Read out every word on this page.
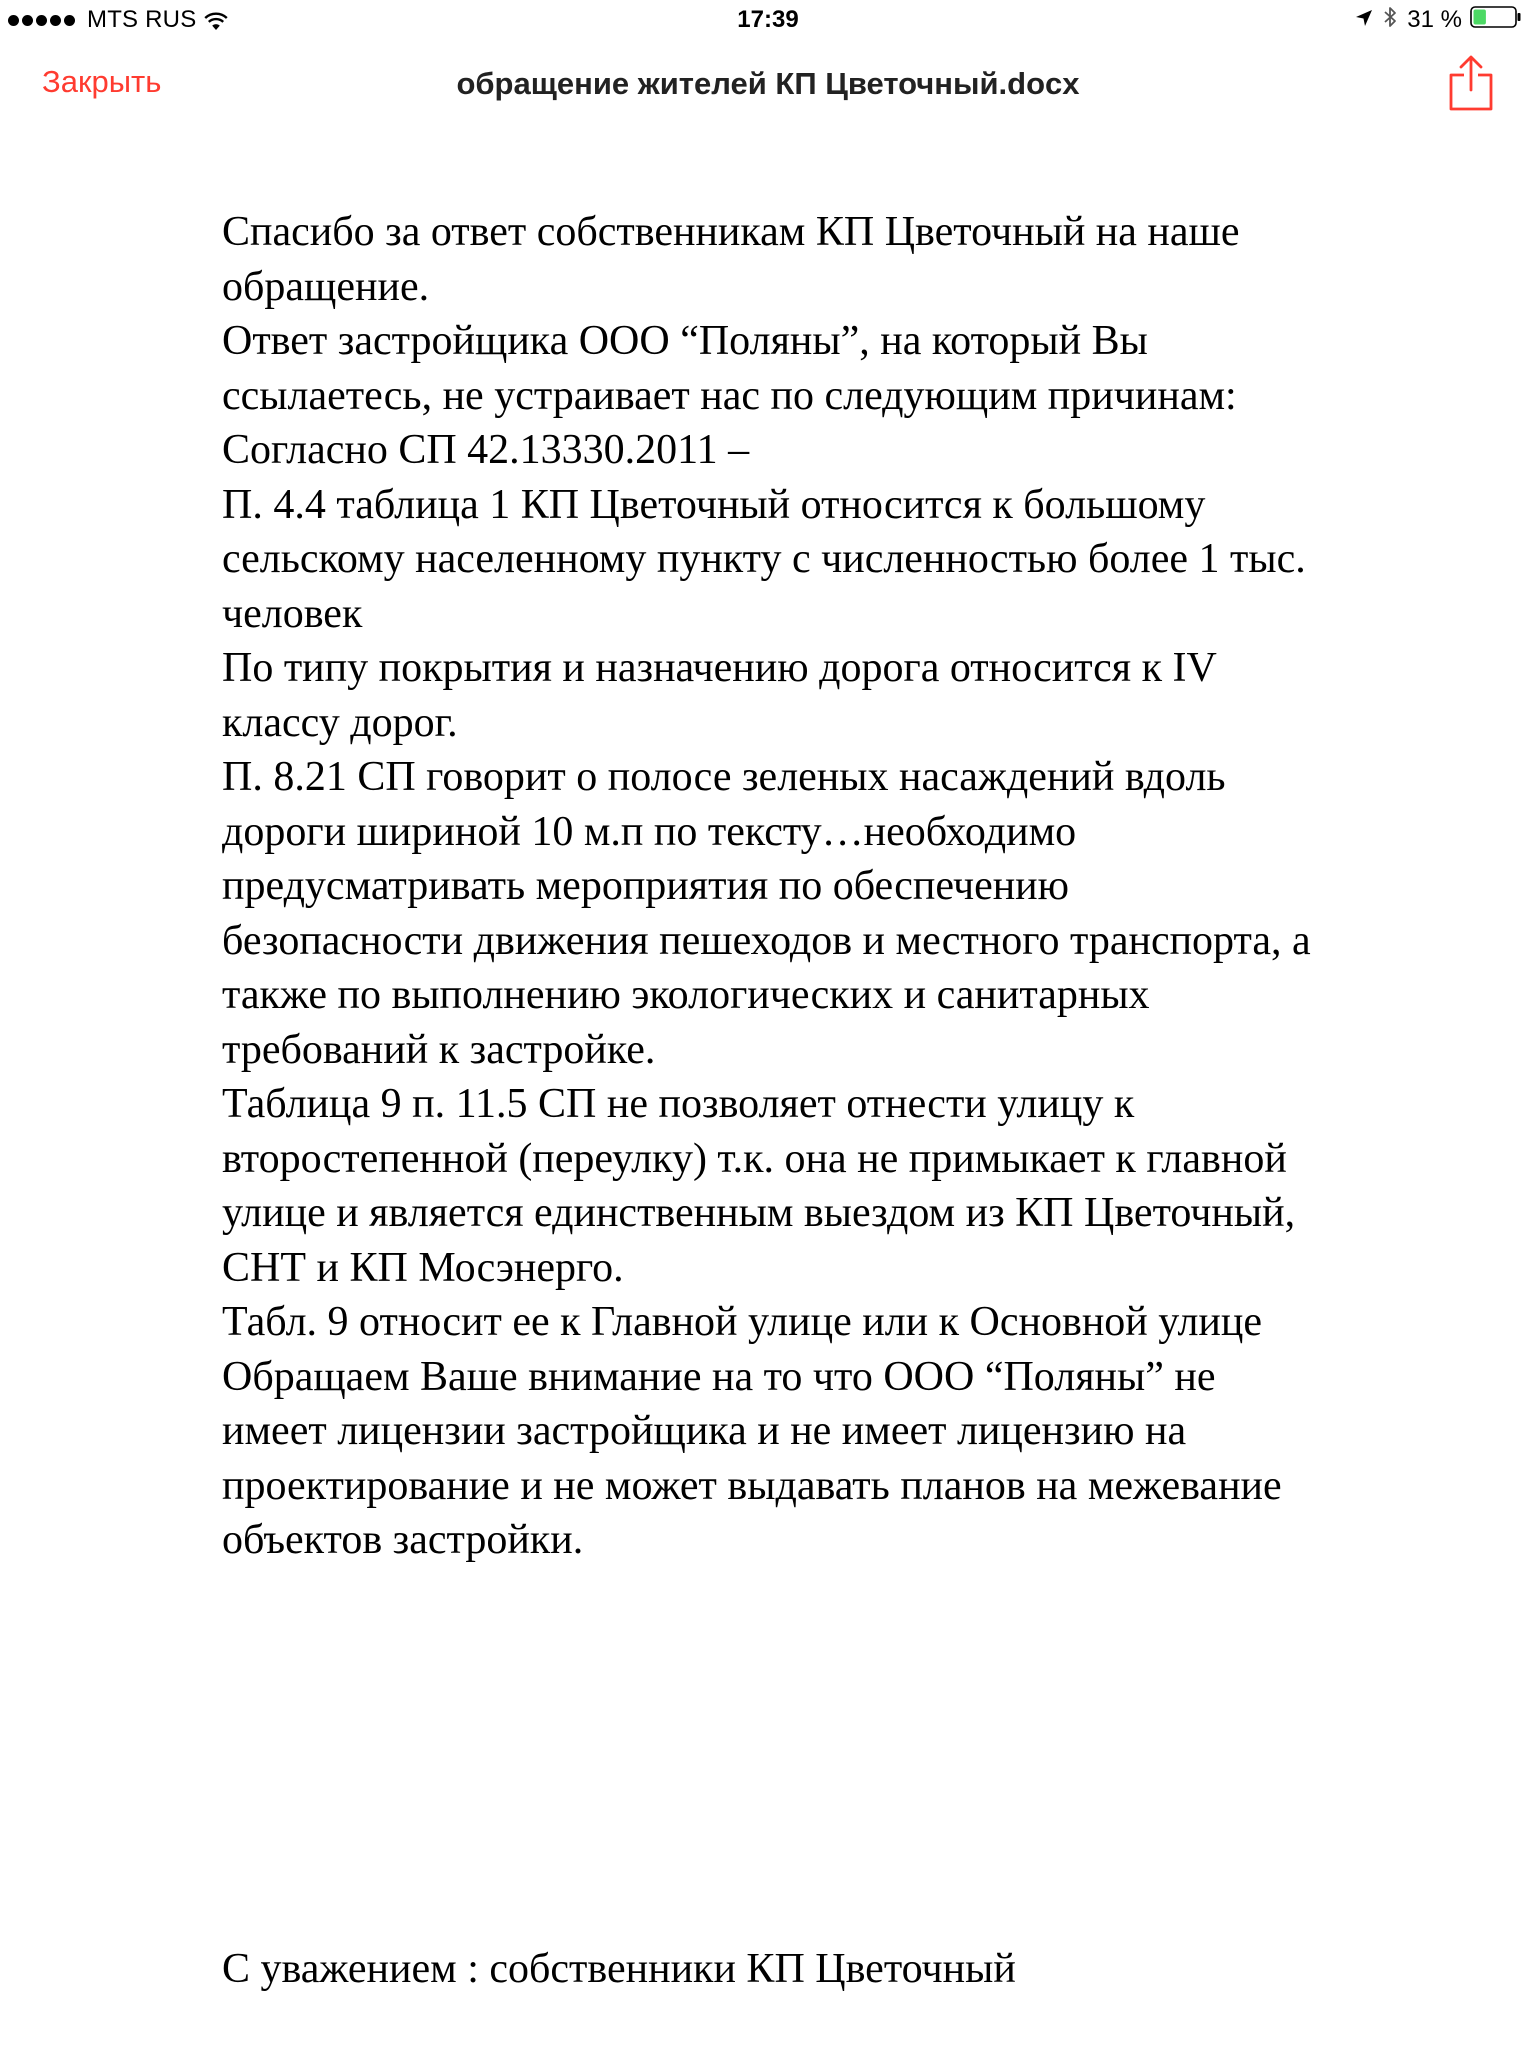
MTS RUS	17:39	31 %
Закрыть	обращение жителей КП Цветочный.docx
Спасибо за ответ собственникам КП Цветочный на наше
обращение.
Ответ застройщика ООО “Поляны”, на который Вы
ссылаетесь, не устраивает нас по следующим причинам:
Согласно СП 42.13330.2011 –
П. 4.4 таблица 1 КП Цветочный относится к большому
сельскому населенному пункту с численностью более 1 тыс.
человек
По типу покрытия и назначению дорога относится к IV
классу дорог.
П. 8.21 СП говорит о полосе зеленых насаждений вдоль
дороги шириной 10 м.п по тексту…необходимо
предусматривать мероприятия по обеспечению
безопасности движения пешеходов и местного транспорта, а
также по выполнению экологических и санитарных
требований к застройке.
Таблица 9 п. 11.5 СП не позволяет отнести улицу к
второстепенной (переулку) т.к. она не примыкает к главной
улице и является единственным выездом из КП Цветочный,
СНТ и КП Мосэнерго.
Табл. 9 относит ее к Главной улице или к Основной улице
Обращаем Ваше внимание на то что ООО “Поляны” не
имеет лицензии застройщика и не имеет лицензию на
проектирование и не может выдавать планов на межевание
объектов застройки.
С уважением : собственники КП Цветочный
